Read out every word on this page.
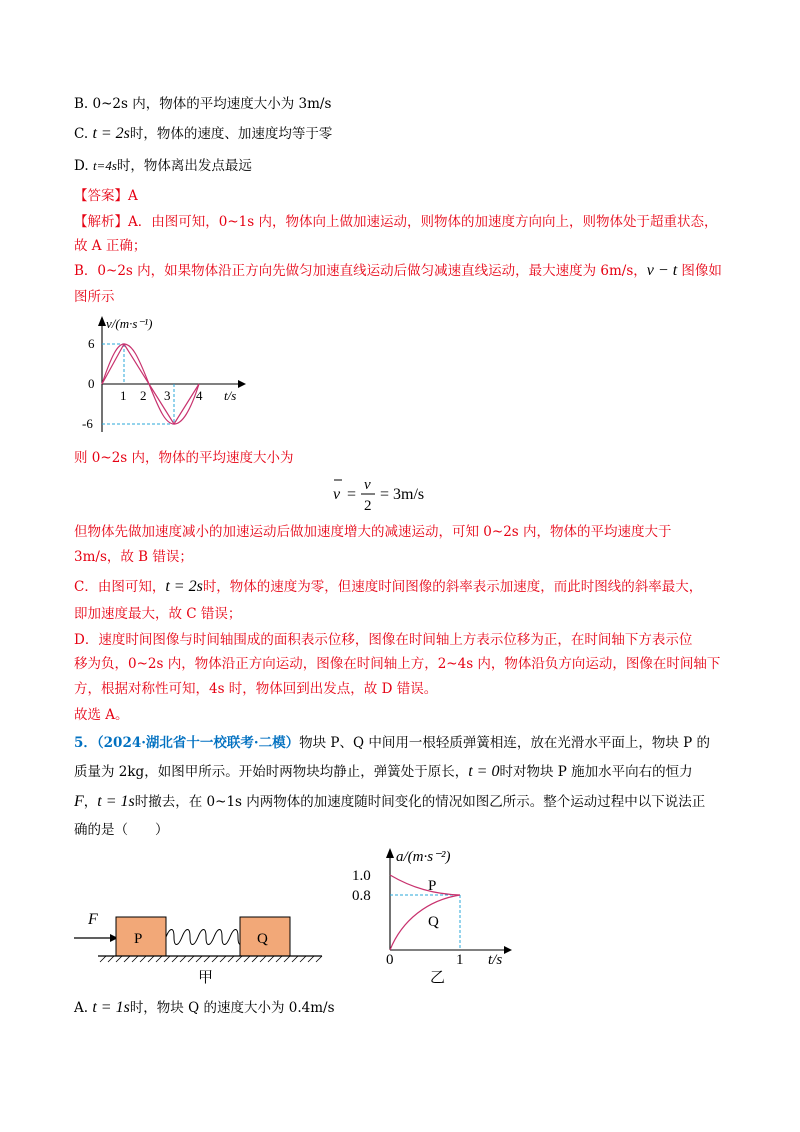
B. 0~2s 内，物体的平均速度大小为 3m/s
C. t = 2s时，物体的速度、加速度均等于零
D. t=4s时，物体离出发点最远
【答案】A
【解析】A．由图可知，0~1s 内，物体向上做加速运动，则物体的加速度方向向上，则物体处于超重状态，
故 A 正确；
B．0~2s 内，如果物体沿正方向先做匀加速直线运动后做匀减速直线运动，最大速度为 6m/s，v − t 图像如
图所示
v/(m·s⁻¹)
6
0
-6
1 2 3 4 t/s
则 0~2s 内，物体的平均速度大小为
v =
v
2
= 3m/s
但物体先做加速度减小的加速运动后做加速度增大的减速运动，可知 0~2s 内，物体的平均速度大于
3m/s，故 B 错误；
C．由图可知，t = 2s时，物体的速度为零，但速度时间图像的斜率表示加速度，而此时图线的斜率最大，
即加速度最大，故 C 错误；
D．速度时间图像与时间轴围成的面积表示位移，图像在时间轴上方表示位移为正，在时间轴下方表示位
移为负，0~2s 内，物体沿正方向运动，图像在时间轴上方，2~4s 内，物体沿负方向运动，图像在时间轴下
方，根据对称性可知，4s 时，物体回到出发点，故 D 错误。
故选 A。
5．（2024·湖北省十一校联考·二模）物块 P、Q 中间用一根轻质弹簧相连，放在光滑水平面上，物块 P 的
质量为 2kg，如图甲所示。开始时两物块均静止，弹簧处于原长，t = 0时对物块 P 施加水平向右的恒力
F，t = 1s时撤去，在 0~1s 内两物体的加速度随时间变化的情况如图乙所示。整个运动过程中以下说法正
确的是（　　）
F
P	Q
甲
a/(m·s⁻²)
1.0
0.8
P
Q
0	1 t/s
乙
A. t = 1s时，物块 Q 的速度大小为 0.4m/s
